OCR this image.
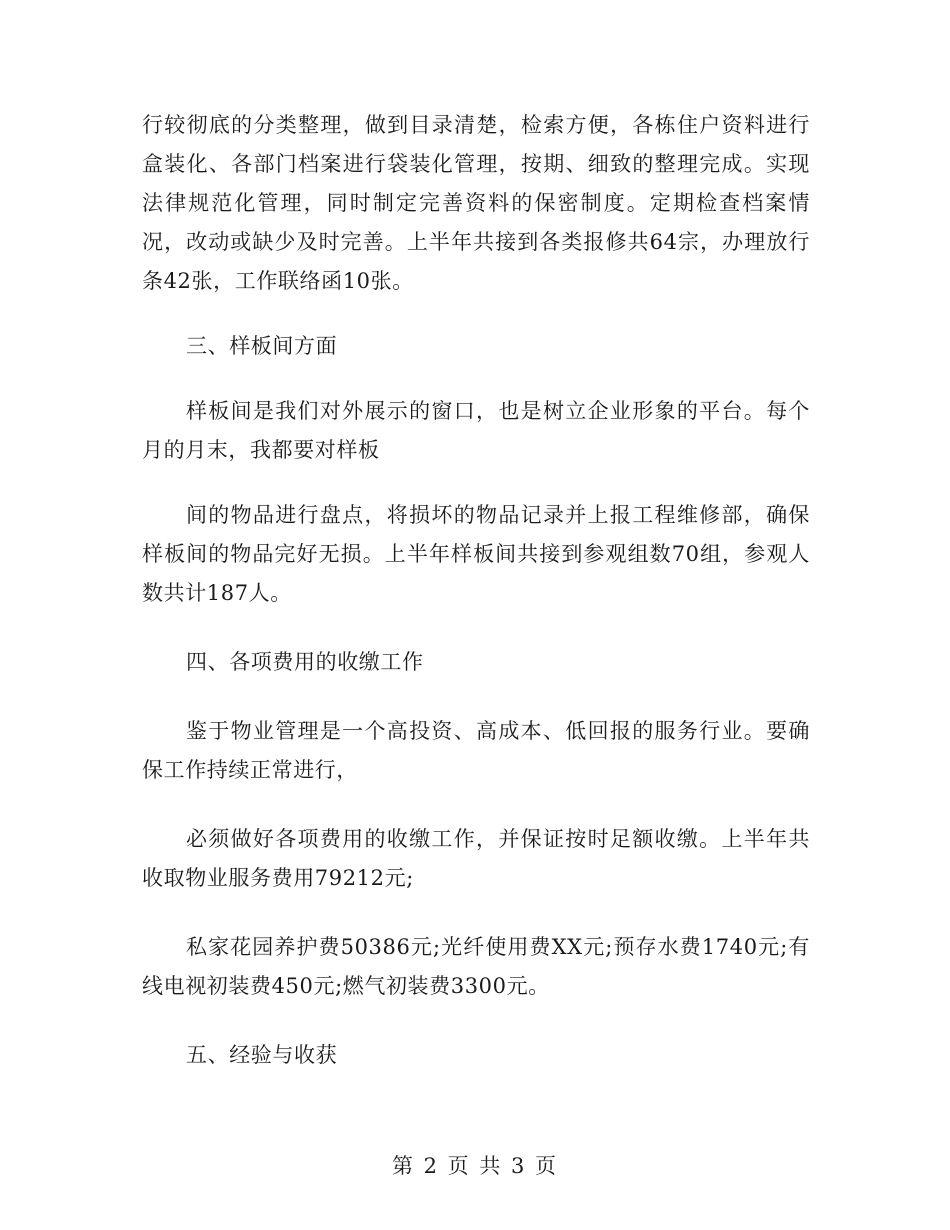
行较彻底的分类整理，做到目录清楚，检索方便，各栋住户资料进行盒装化、各部门档案进行袋装化管理，按期、细致的整理完成。实现法律规范化管理，同时制定完善资料的保密制度。定期检查档案情况，改动或缺少及时完善。上半年共接到各类报修共64宗，办理放行条42张，工作联络函10张。

三、样板间方面

样板间是我们对外展示的窗口，也是树立企业形象的平台。每个月的月末，我都要对样板

间的物品进行盘点，将损坏的物品记录并上报工程维修部，确保样板间的物品完好无损。上半年样板间共接到参观组数70组，参观人数共计187人。

四、各项费用的收缴工作

鉴于物业管理是一个高投资、高成本、低回报的服务行业。要确保工作持续正常进行，

必须做好各项费用的收缴工作，并保证按时足额收缴。上半年共收取物业服务费用79212元;

私家花园养护费50386元;光纤使用费XX元;预存水费1740元;有线电视初装费450元;燃气初装费3300元。

五、经验与收获

第 2 页 共 3 页
